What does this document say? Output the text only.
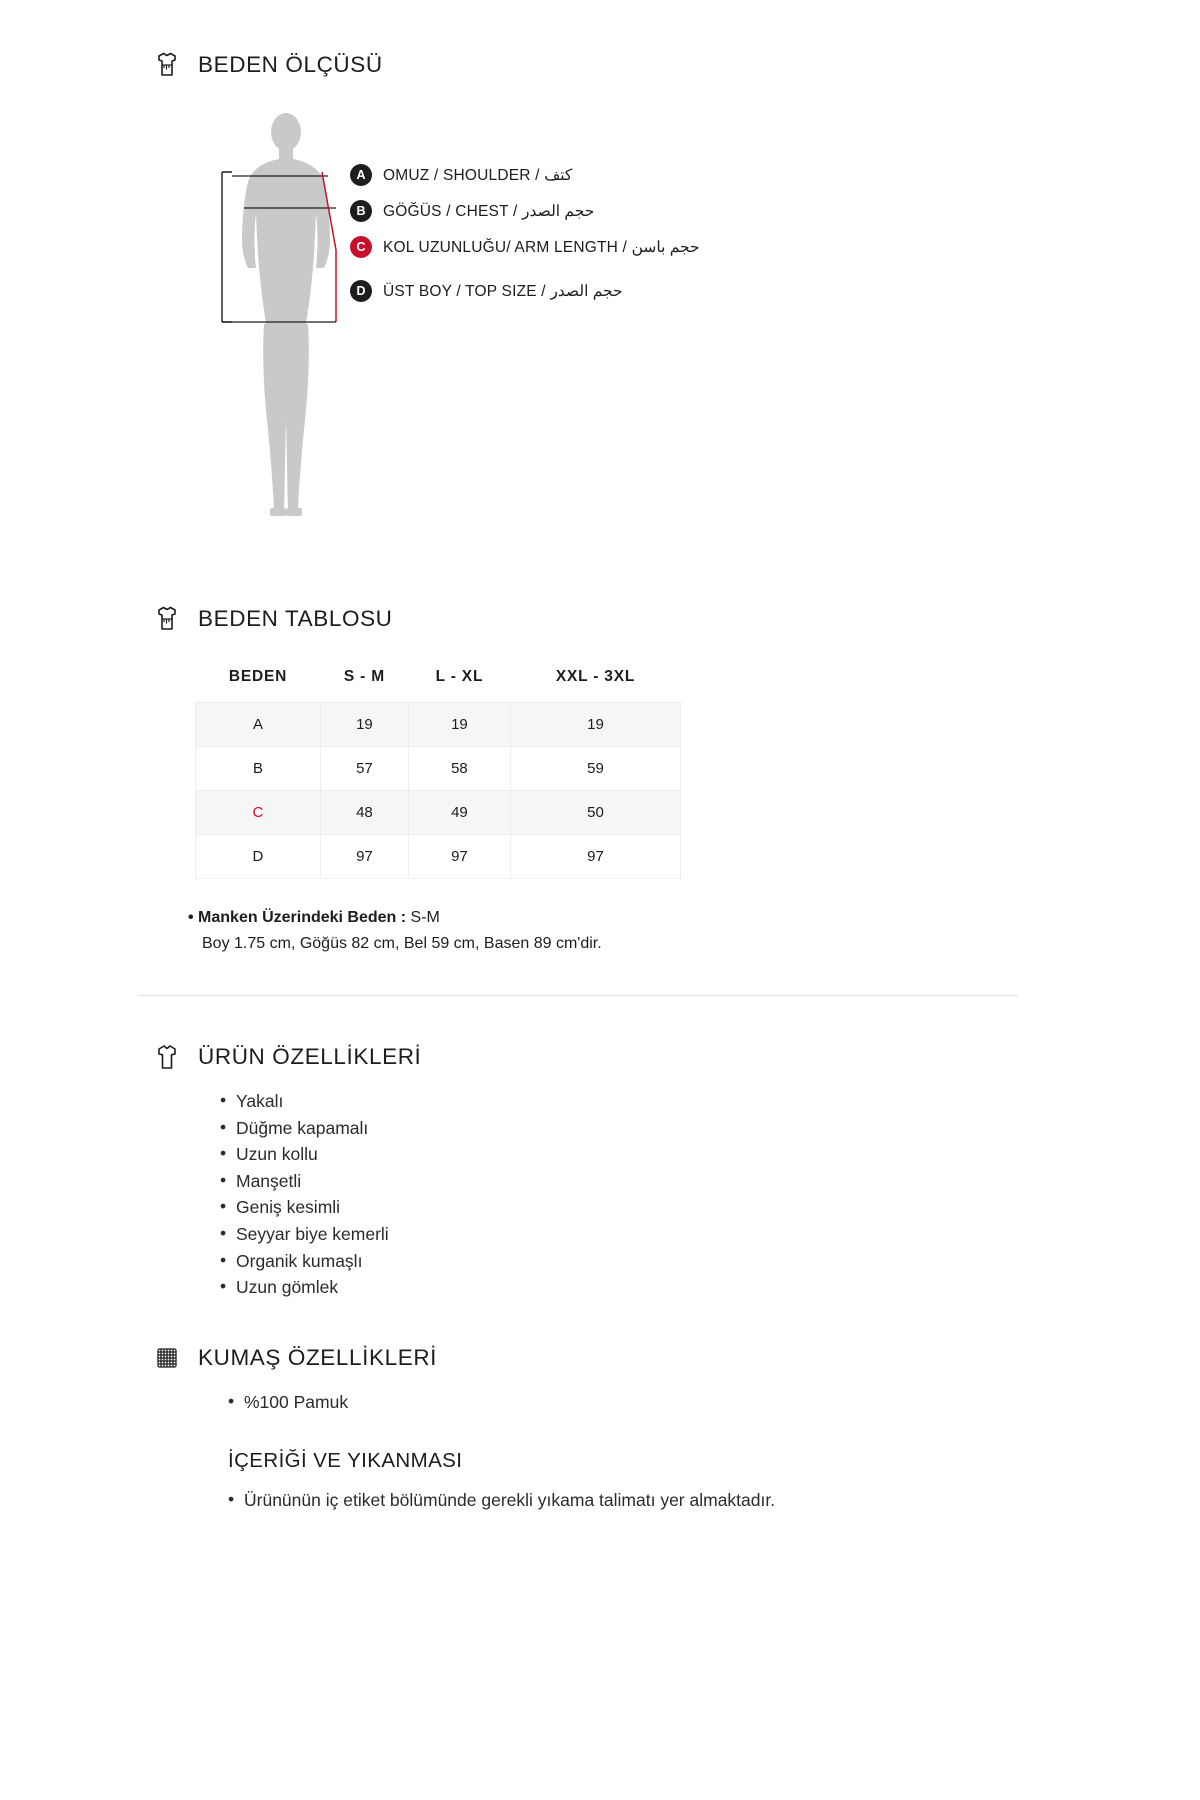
BEDEN ÖLÇÜSÜ
A	OMUZ / SHOULDER / كتف
B	GÖĞÜS / CHEST / حجم الصدر
C	KOL UZUNLUĞU/ ARM LENGTH / حجم باسن
D	ÜST BOY / TOP SIZE / حجم الصدر
BEDEN TABLOSU
BEDEN	S - M	L - XL	XXL - 3XL
A	19	19	19
B	57	58	59
C	48	49	50
D	97	97	97
• Manken Üzerindeki Beden : S-M
Boy 1.75 cm, Göğüs 82 cm, Bel 59 cm, Basen 89 cm'dir.
ÜRÜN ÖZELLİKLERİ
• Yakalı
• Düğme kapamalı
• Uzun kollu
• Manşetli
• Geniş kesimli
• Seyyar biye kemerli
• Organik kumaşlı
• Uzun gömlek
KUMAŞ ÖZELLİKLERİ
• %100 Pamuk
İÇERİĞİ VE YIKANMASI
• Ürününün iç etiket bölümünde gerekli yıkama talimatı yer almaktadır.
